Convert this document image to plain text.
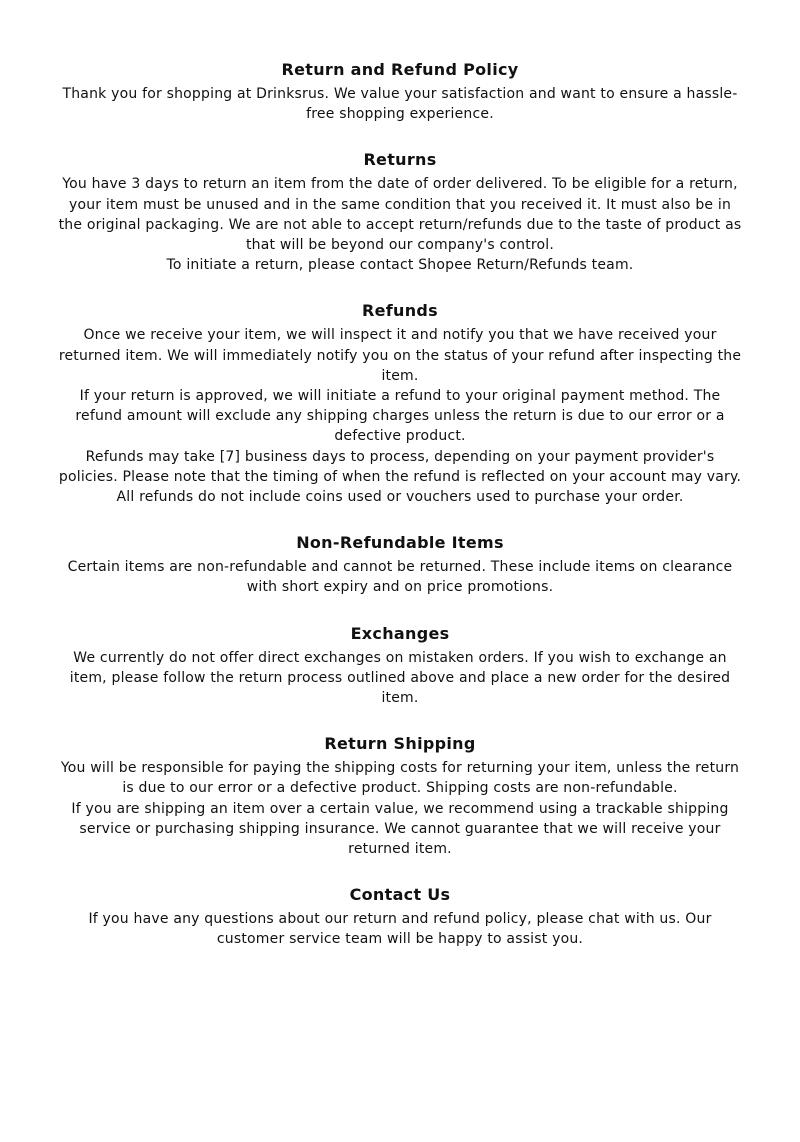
Return and Refund Policy

Thank you for shopping at Drinksrus. We value your satisfaction and want to ensure a hassle-free shopping experience.

Returns

You have 3 days to return an item from the date of order delivered. To be eligible for a return, your item must be unused and in the same condition that you received it. It must also be in the original packaging. We are not able to accept return/refunds due to the taste of product as that will be beyond our company's control.

To initiate a return, please contact Shopee Return/Refunds team.

Refunds

Once we receive your item, we will inspect it and notify you that we have received your returned item. We will immediately notify you on the status of your refund after inspecting the item.

If your return is approved, we will initiate a refund to your original payment method. The refund amount will exclude any shipping charges unless the return is due to our error or a defective product.

Refunds may take [7] business days to process, depending on your payment provider's policies. Please note that the timing of when the refund is reflected on your account may vary. All refunds do not include coins used or vouchers used to purchase your order.

Non-Refundable Items

Certain items are non-refundable and cannot be returned. These include items on clearance with short expiry and on price promotions.

Exchanges

We currently do not offer direct exchanges on mistaken orders. If you wish to exchange an item, please follow the return process outlined above and place a new order for the desired item.

Return Shipping

You will be responsible for paying the shipping costs for returning your item, unless the return is due to our error or a defective product. Shipping costs are non-refundable.

If you are shipping an item over a certain value, we recommend using a trackable shipping service or purchasing shipping insurance. We cannot guarantee that we will receive your returned item.

Contact Us

If you have any questions about our return and refund policy, please chat with us. Our customer service team will be happy to assist you.
